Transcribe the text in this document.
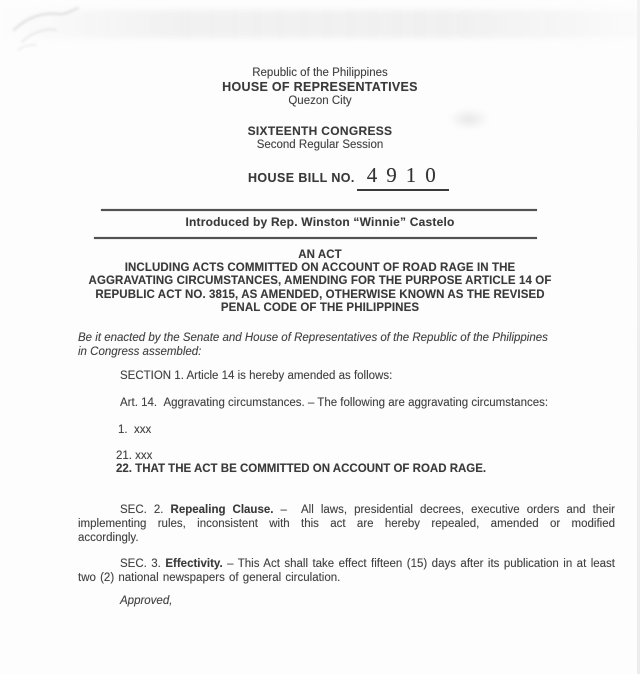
Republic of the Philippines
HOUSE OF REPRESENTATIVES
Quezon City
SIXTEENTH CONGRESS
Second Regular Session
HOUSE BILL NO. 4910
Introduced by Rep. Winston “Winnie” Castelo
AN ACT
INCLUDING ACTS COMMITTED ON ACCOUNT OF ROAD RAGE IN THE
AGGRAVATING CIRCUMSTANCES, AMENDING FOR THE PURPOSE ARTICLE 14 OF
REPUBLIC ACT NO. 3815, AS AMENDED, OTHERWISE KNOWN AS THE REVISED
PENAL CODE OF THE PHILIPPINES
Be it enacted by the Senate and House of Representatives of the Republic of the Philippines
in Congress assembled:
SECTION 1. Article 14 is hereby amended as follows:
Art. 14.  Aggravating circumstances. – The following are aggravating circumstances:
1.  xxx
21. xxx
22. THAT THE ACT BE COMMITTED ON ACCOUNT OF ROAD RAGE.
SEC. 2. Repealing Clause. –  All laws, presidential decrees, executive orders and their implementing rules, inconsistent with this act are hereby repealed, amended or modified accordingly.
SEC. 3. Effectivity. – This Act shall take effect fifteen (15) days after its publication in at least two (2) national newspapers of general circulation.
Approved,
